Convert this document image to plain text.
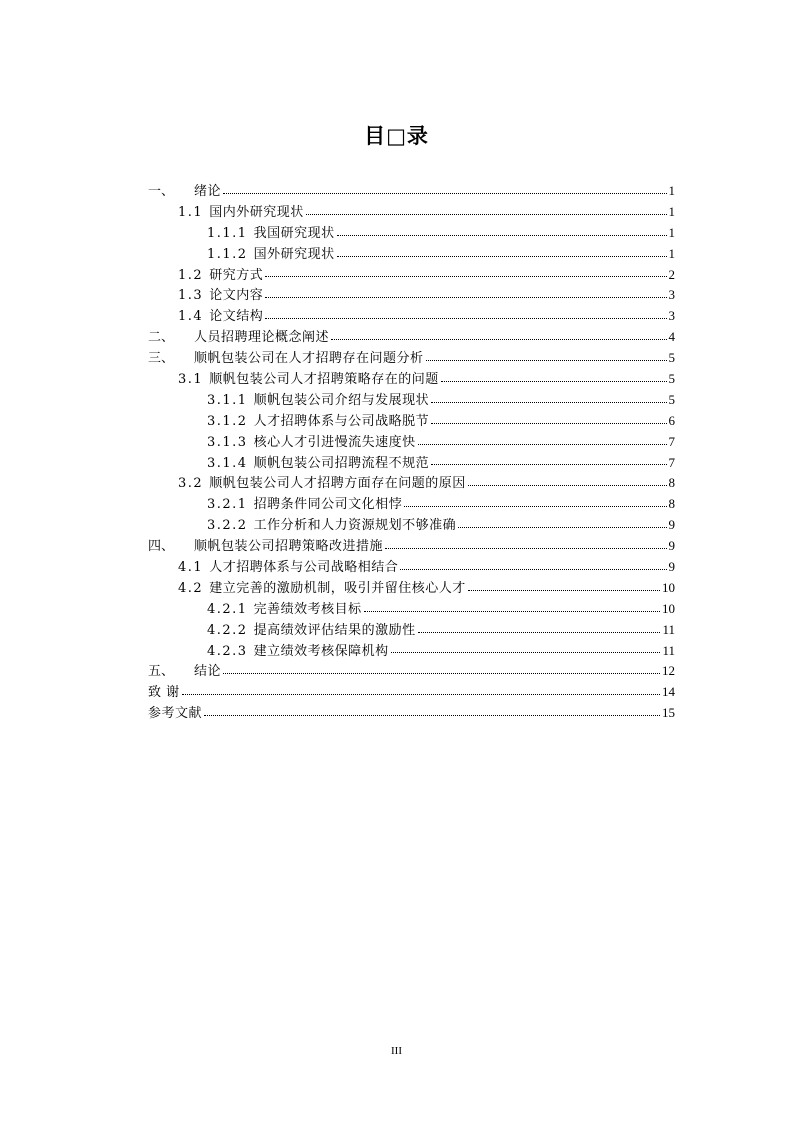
目□录
一、	绪论	1
1.1 国内外研究现状	1
1.1.1 我国研究现状	1
1.1.2 国外研究现状	1
1.2 研究方式	2
1.3 论文内容	3
1.4 论文结构	3
二、	人员招聘理论概念阐述	4
三、	顺帆包装公司在人才招聘存在问题分析	5
3.1 顺帆包装公司人才招聘策略存在的问题	5
3.1.1 顺帆包装公司介绍与发展现状	5
3.1.2 人才招聘体系与公司战略脱节	6
3.1.3 核心人才引进慢流失速度快	7
3.1.4 顺帆包装公司招聘流程不规范	7
3.2 顺帆包装公司人才招聘方面存在问题的原因	8
3.2.1 招聘条件同公司文化相悖	8
3.2.2 工作分析和人力资源规划不够准确	9
四、	顺帆包装公司招聘策略改进措施	9
4.1 人才招聘体系与公司战略相结合	9
4.2 建立完善的激励机制，吸引并留住核心人才	10
4.2.1 完善绩效考核目标	10
4.2.2 提高绩效评估结果的激励性	11
4.2.3 建立绩效考核保障机构	11
五、	结论	12
致 谢	14
参考文献	15
III
